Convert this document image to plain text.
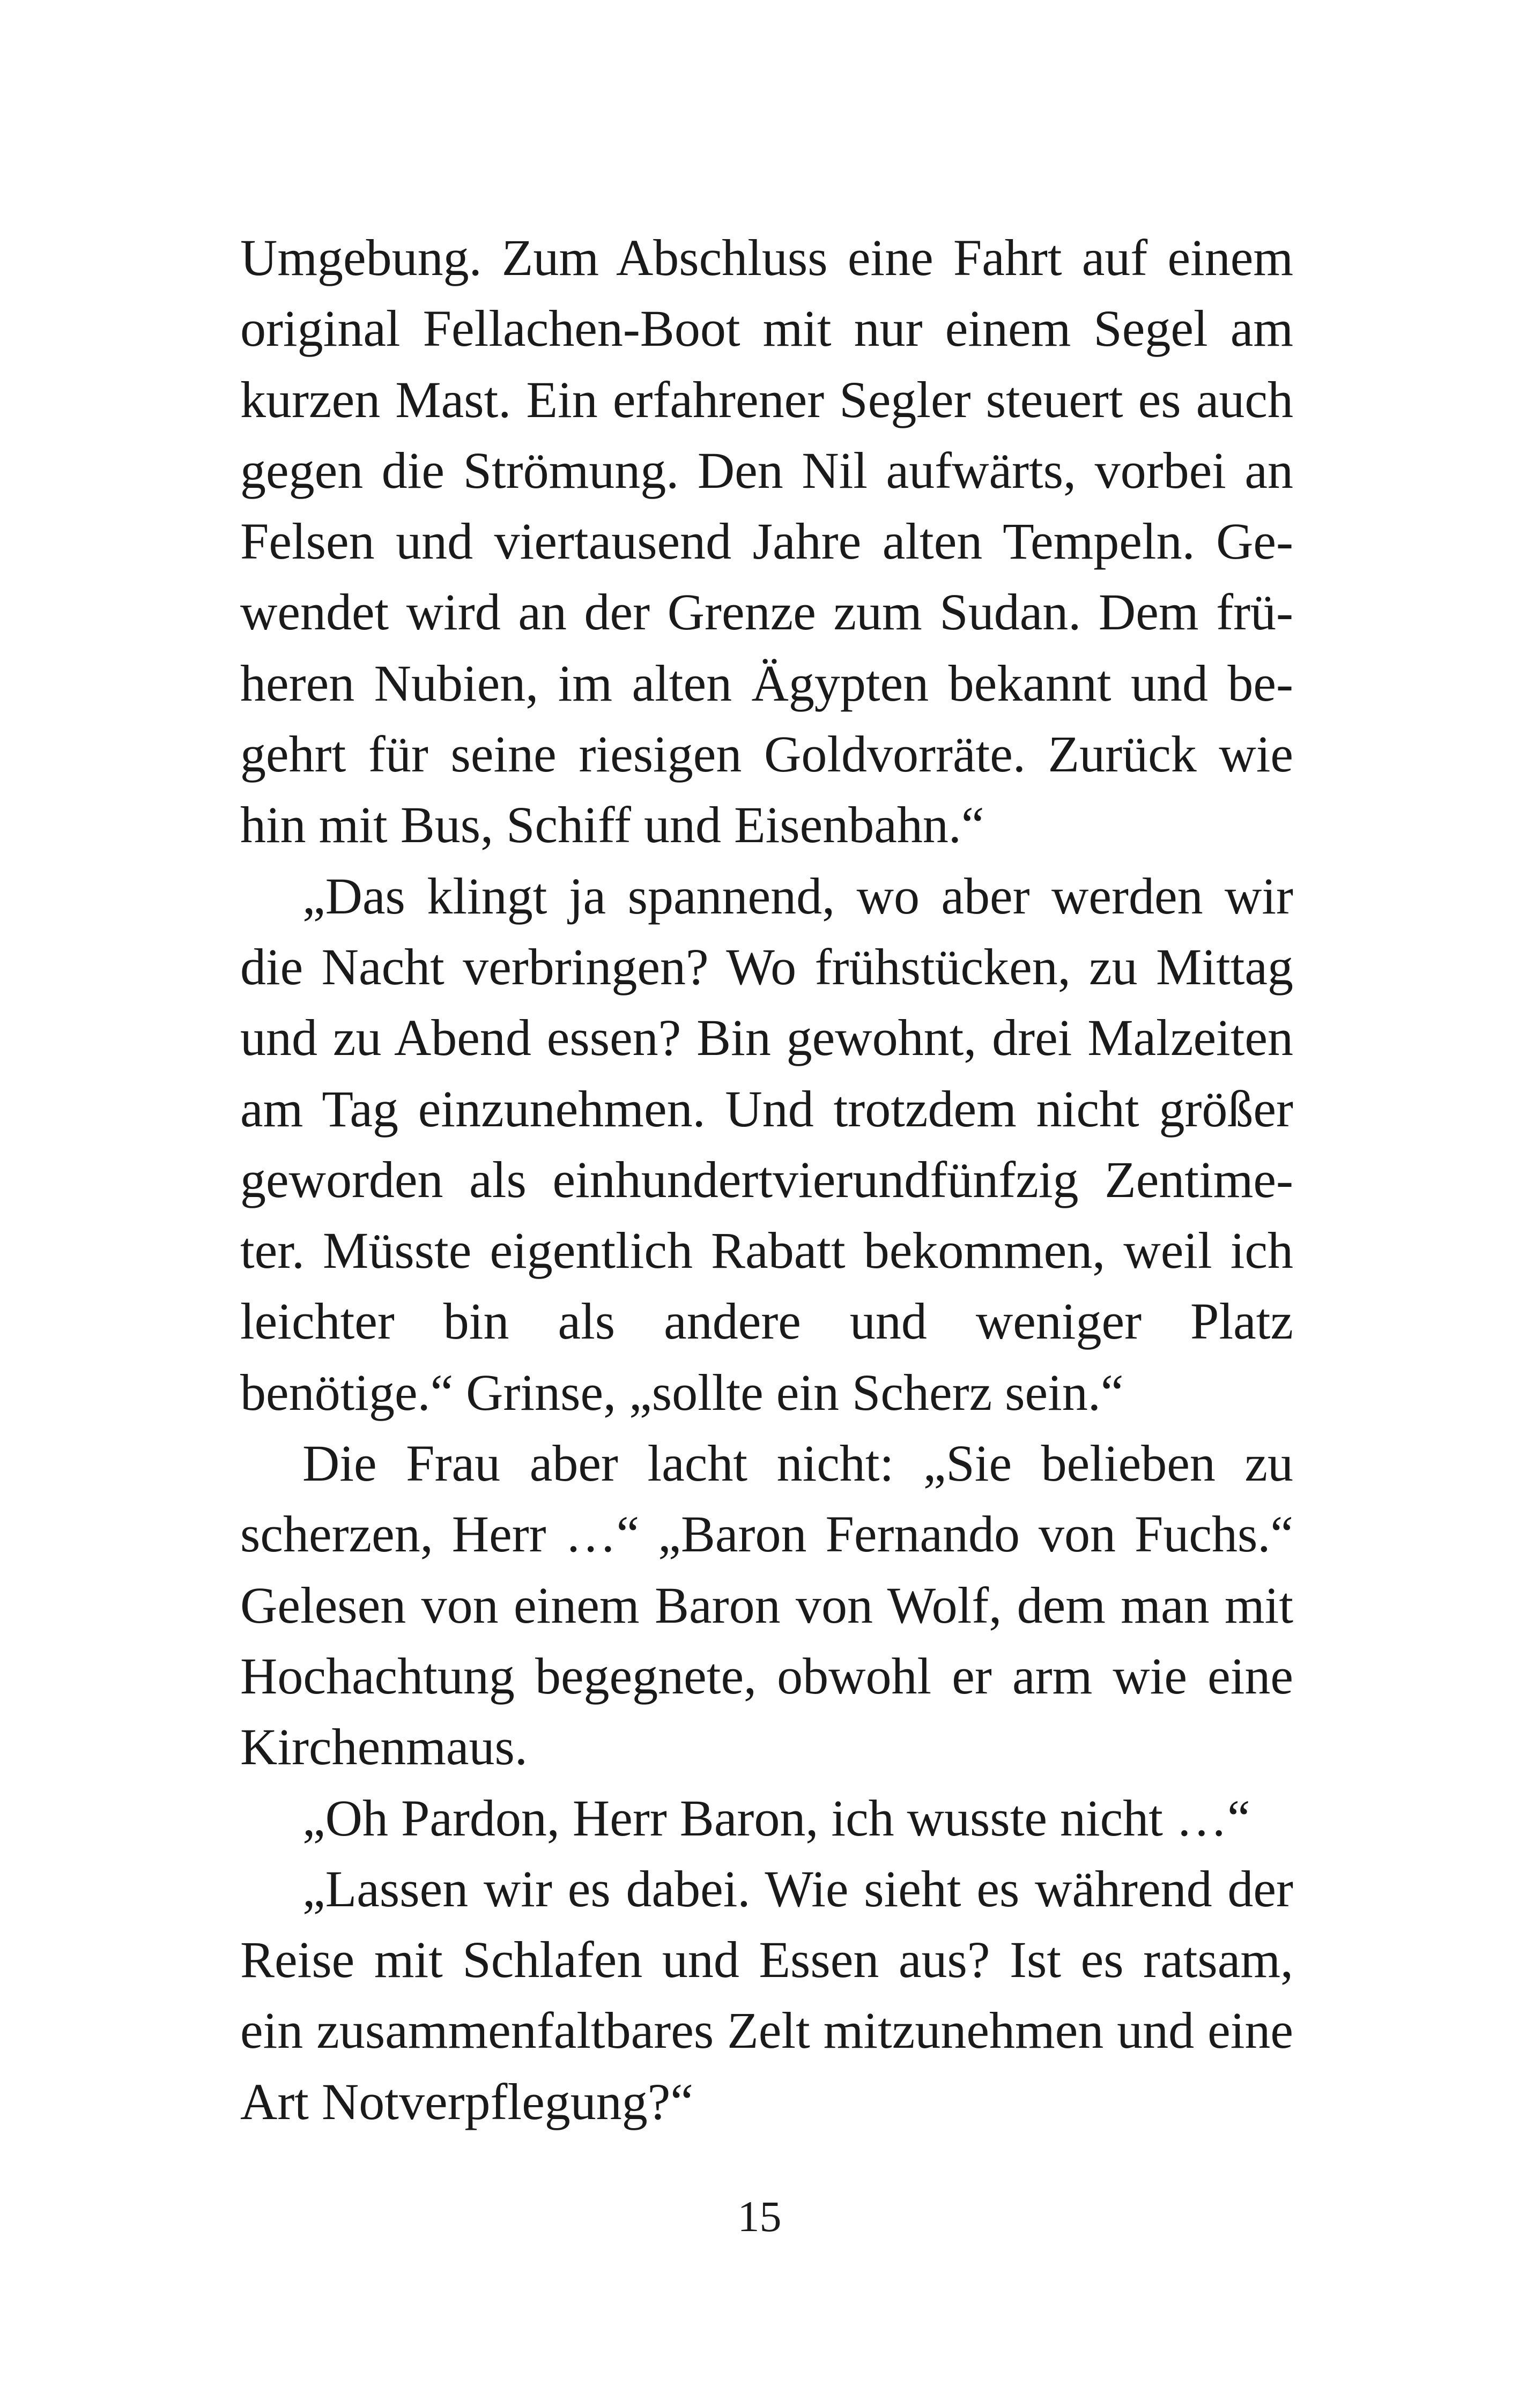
Umgebung. Zum Abschluss eine Fahrt auf einem original Fellachen-Boot mit nur einem Segel am kurzen Mast. Ein erfahrener Segler steuert es auch gegen die Strömung. Den Nil aufwärts, vorbei an Felsen und viertausend Jahre alten Tempeln. Gewendet wird an der Grenze zum Sudan. Dem früheren Nubien, im alten Ägypten bekannt und begehrt für seine riesigen Goldvorräte. Zurück wie hin mit Bus, Schiff und Eisenbahn.“

„Das klingt ja spannend, wo aber werden wir die Nacht verbringen? Wo frühstücken, zu Mittag und zu Abend essen? Bin gewohnt, drei Malzeiten am Tag einzunehmen. Und trotzdem nicht größer geworden als einhundertvierundfünfzig Zentimeter. Müsste eigentlich Rabatt bekommen, weil ich leichter bin als andere und weniger Platz benötige.“ Grinse, „sollte ein Scherz sein.“

Die Frau aber lacht nicht: „Sie belieben zu scherzen, Herr …“ „Baron Fernando von Fuchs.“ Gelesen von einem Baron von Wolf, dem man mit Hochachtung begegnete, obwohl er arm wie eine Kirchenmaus.

„Oh Pardon, Herr Baron, ich wusste nicht …“

„Lassen wir es dabei. Wie sieht es während der Reise mit Schlafen und Essen aus? Ist es ratsam, ein zusammenfaltbares Zelt mitzunehmen und eine Art Notverpflegung?“

15
